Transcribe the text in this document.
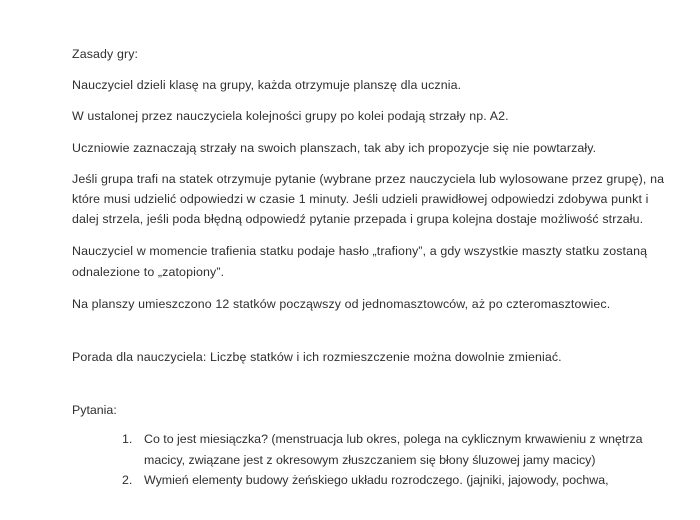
Zasady gry:

Nauczyciel dzieli klasę na grupy, każda otrzymuje planszę dla ucznia.

W ustalonej przez nauczyciela kolejności grupy po kolei podają strzały np. A2.

Uczniowie zaznaczają strzały na swoich planszach, tak aby ich propozycje się nie powtarzały.

Jeśli grupa trafi na statek otrzymuje pytanie (wybrane przez nauczyciela lub wylosowane przez grupę), na które musi udzielić odpowiedzi w czasie 1 minuty. Jeśli udzieli prawidłowej odpowiedzi zdobywa punkt i dalej strzela, jeśli poda błędną odpowiedź pytanie przepada i grupa kolejna dostaje możliwość strzału.

Nauczyciel w momencie trafienia statku podaje hasło „trafiony”, a gdy wszystkie maszty statku zostaną odnalezione to „zatopiony”.

Na planszy umieszczono 12 statków począwszy od jednomasztowców, aż po czteromasztowiec.

Porada dla nauczyciela: Liczbę statków i ich rozmieszczenie można dowolnie zmieniać.

Pytania:

Co to jest miesiączka? (menstruacja lub okres, polega na cyklicznym krwawieniu z wnętrza macicy, związane jest z okresowym złuszczaniem się błony śluzowej jamy macicy)
Wymień elementy budowy żeńskiego układu rozrodczego. (jajniki, jajowody, pochwa,
